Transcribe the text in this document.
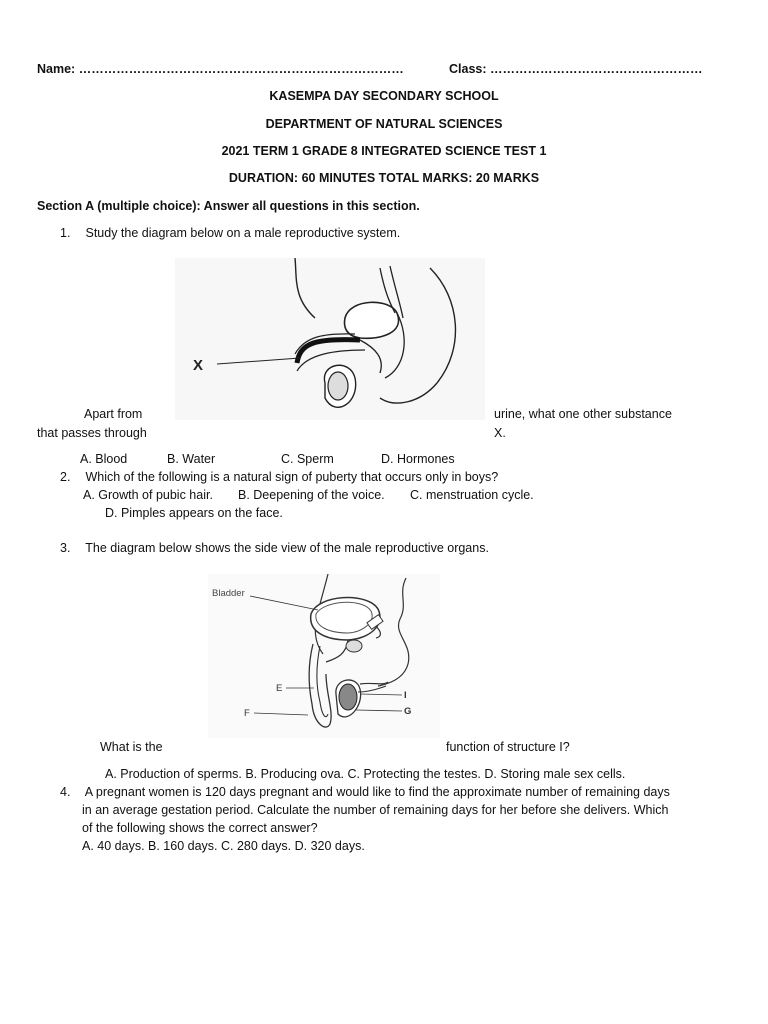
Name: ……………………………………………………………………	Class: ……………………………………………
KASEMPA DAY SECONDARY SCHOOL
DEPARTMENT OF NATURAL SCIENCES
2021 TERM 1 GRADE 8 INTEGRATED SCIENCE TEST 1
DURATION: 60 MINUTES TOTAL MARKS: 20 MARKS
Section A (multiple choice): Answer all questions in this section.
1. Study the diagram below on a male reproductive system.
X
Apart from	urine, what one other substance
that passes through	X.
A. Blood	B. Water	C. Sperm	D. Hormones
2. Which of the following is a natural sign of puberty that occurs only in boys?
A. Growth of pubic hair. B. Deepening of the voice. C. menstruation cycle.
D. Pimples appears on the face.
3. The diagram below shows the side view of the male reproductive organs.
Bladder
E
F
I
G
What is the	function of structure I?
A. Production of sperms. B. Producing ova. C. Protecting the testes. D. Storing male sex cells.
4. A pregnant women is 120 days pregnant and would like to find the approximate number of remaining days
in an average gestation period. Calculate the number of remaining days for her before she delivers. Which
of the following shows the correct answer?
A. 40 days. B. 160 days. C. 280 days. D. 320 days.
